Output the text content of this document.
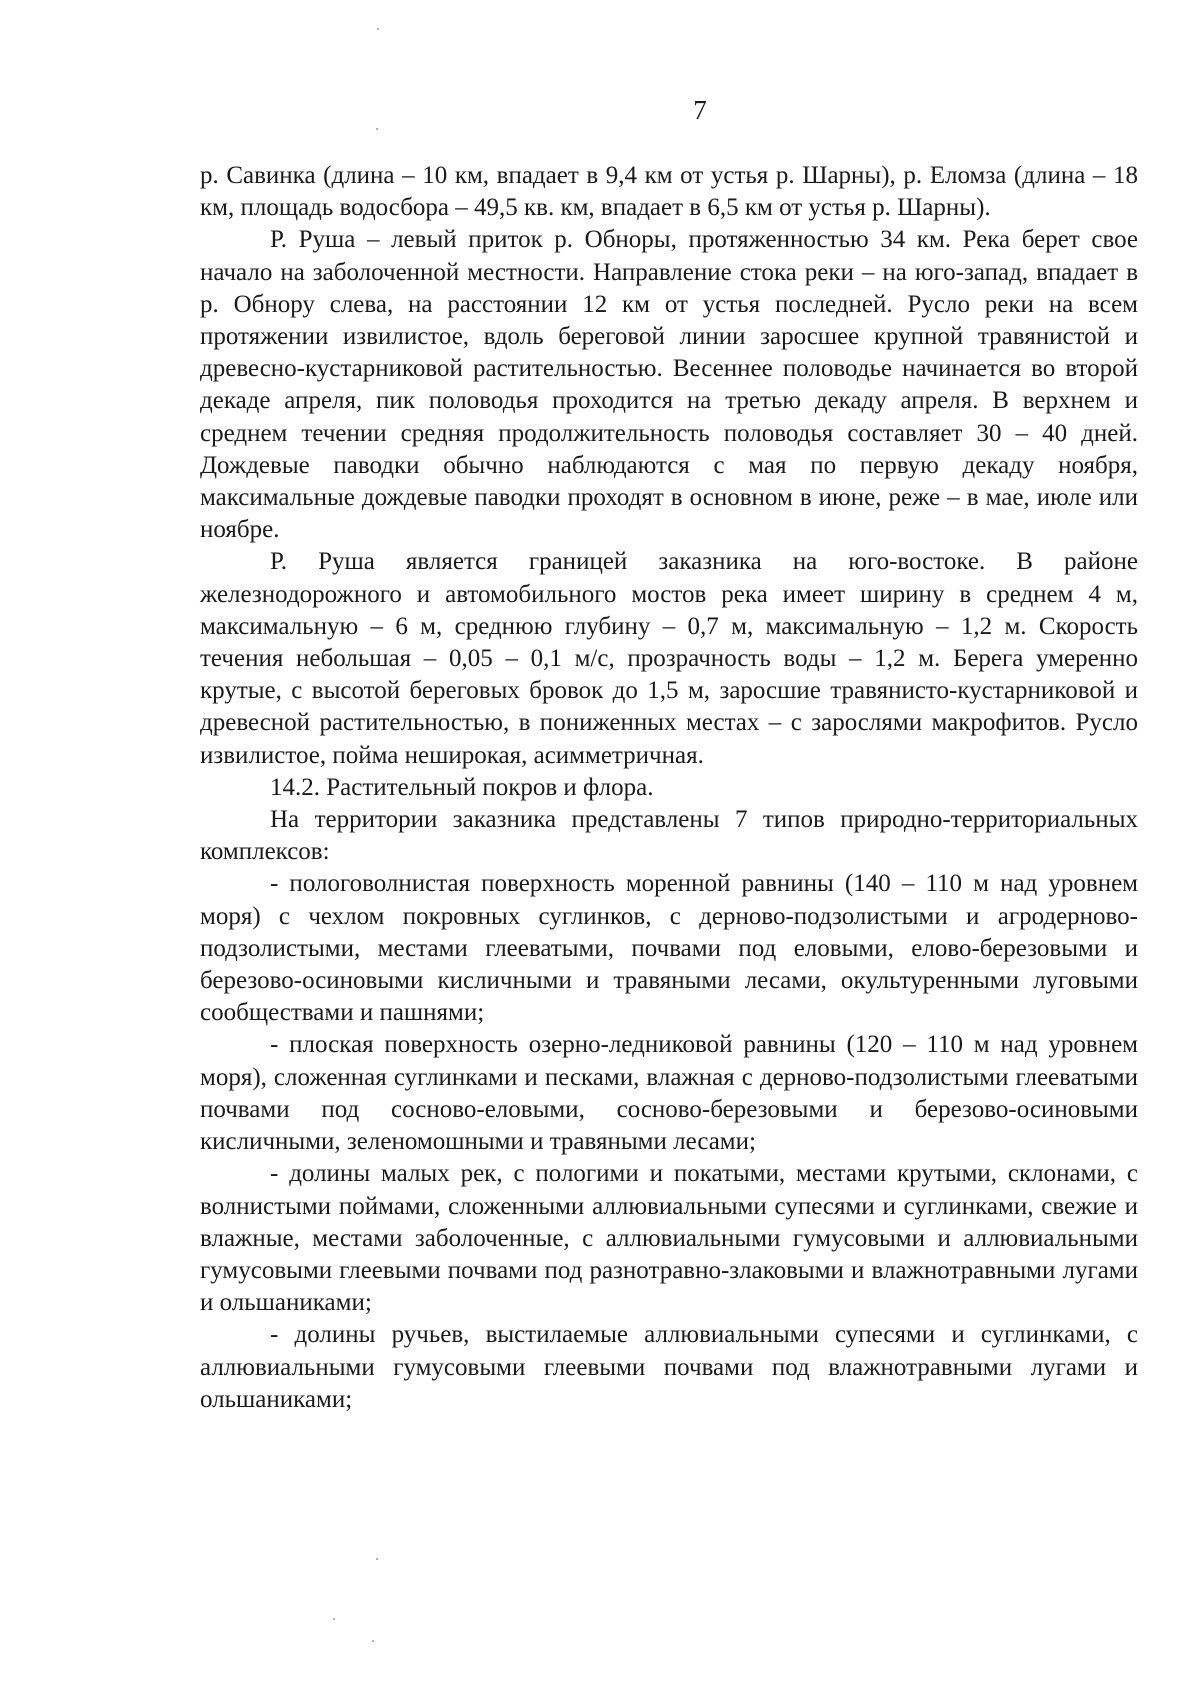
7

р. Савинка (длина – 10 км, впадает в 9,4 км от устья р. Шарны), р. Еломза (длина – 18 км, площадь водосбора – 49,5 кв. км, впадает в 6,5 км от устья р. Шарны).

Р. Руша – левый приток р. Обноры, протяженностью 34 км. Река берет свое начало на заболоченной местности. Направление стока реки – на юго-запад, впадает в р. Обнору слева, на расстоянии 12 км от устья последней. Русло реки на всем протяжении извилистое, вдоль береговой линии заросшее крупной травянистой и древесно-кустарниковой растительностью. Весеннее половодье начинается во второй декаде апреля, пик половодья проходится на третью декаду апреля. В верхнем и среднем течении средняя продолжительность половодья составляет 30 – 40 дней. Дождевые паводки обычно наблюдаются с мая по первую декаду ноября, максимальные дождевые паводки проходят в основном в июне, реже – в мае, июле или ноябре.

Р. Руша является границей заказника на юго-востоке. В районе железнодорожного и автомобильного мостов река имеет ширину в среднем 4 м, максимальную – 6 м, среднюю глубину – 0,7 м, максимальную – 1,2 м. Скорость течения небольшая – 0,05 – 0,1 м/с, прозрачность воды – 1,2 м. Берега умеренно крутые, с высотой береговых бровок до 1,5 м, заросшие травянисто-кустарниковой и древесной растительностью, в пониженных местах – с зарослями макрофитов. Русло извилистое, пойма неширокая, асимметричная.

14.2. Растительный покров и флора.

На территории заказника представлены 7 типов природно-территориальных комплексов:

- пологоволнистая поверхность моренной равнины (140 – 110 м над уровнем моря) с чехлом покровных суглинков, с дерново-подзолистыми и агродерново-подзолистыми, местами глееватыми, почвами под еловыми, елово-березовыми и березово-осиновыми кисличными и травяными лесами, окультуренными луговыми сообществами и пашнями;

- плоская поверхность озерно-ледниковой равнины (120 – 110 м над уровнем моря), сложенная суглинками и песками, влажная с дерново-подзолистыми глееватыми почвами под сосново-еловыми, сосново-березовыми и березово-осиновыми кисличными, зеленомошными и травяными лесами;

- долины малых рек, с пологими и покатыми, местами крутыми, склонами, с волнистыми поймами, сложенными аллювиальными супесями и суглинками, свежие и влажные, местами заболоченные, с аллювиальными гумусовыми и аллювиальными гумусовыми глеевыми почвами под разнотравно-злаковыми и влажнотравными лугами и ольшаниками;

- долины ручьев, выстилаемые аллювиальными супесями и суглинками, с аллювиальными гумусовыми глеевыми почвами под влажнотравными лугами и ольшаниками;
